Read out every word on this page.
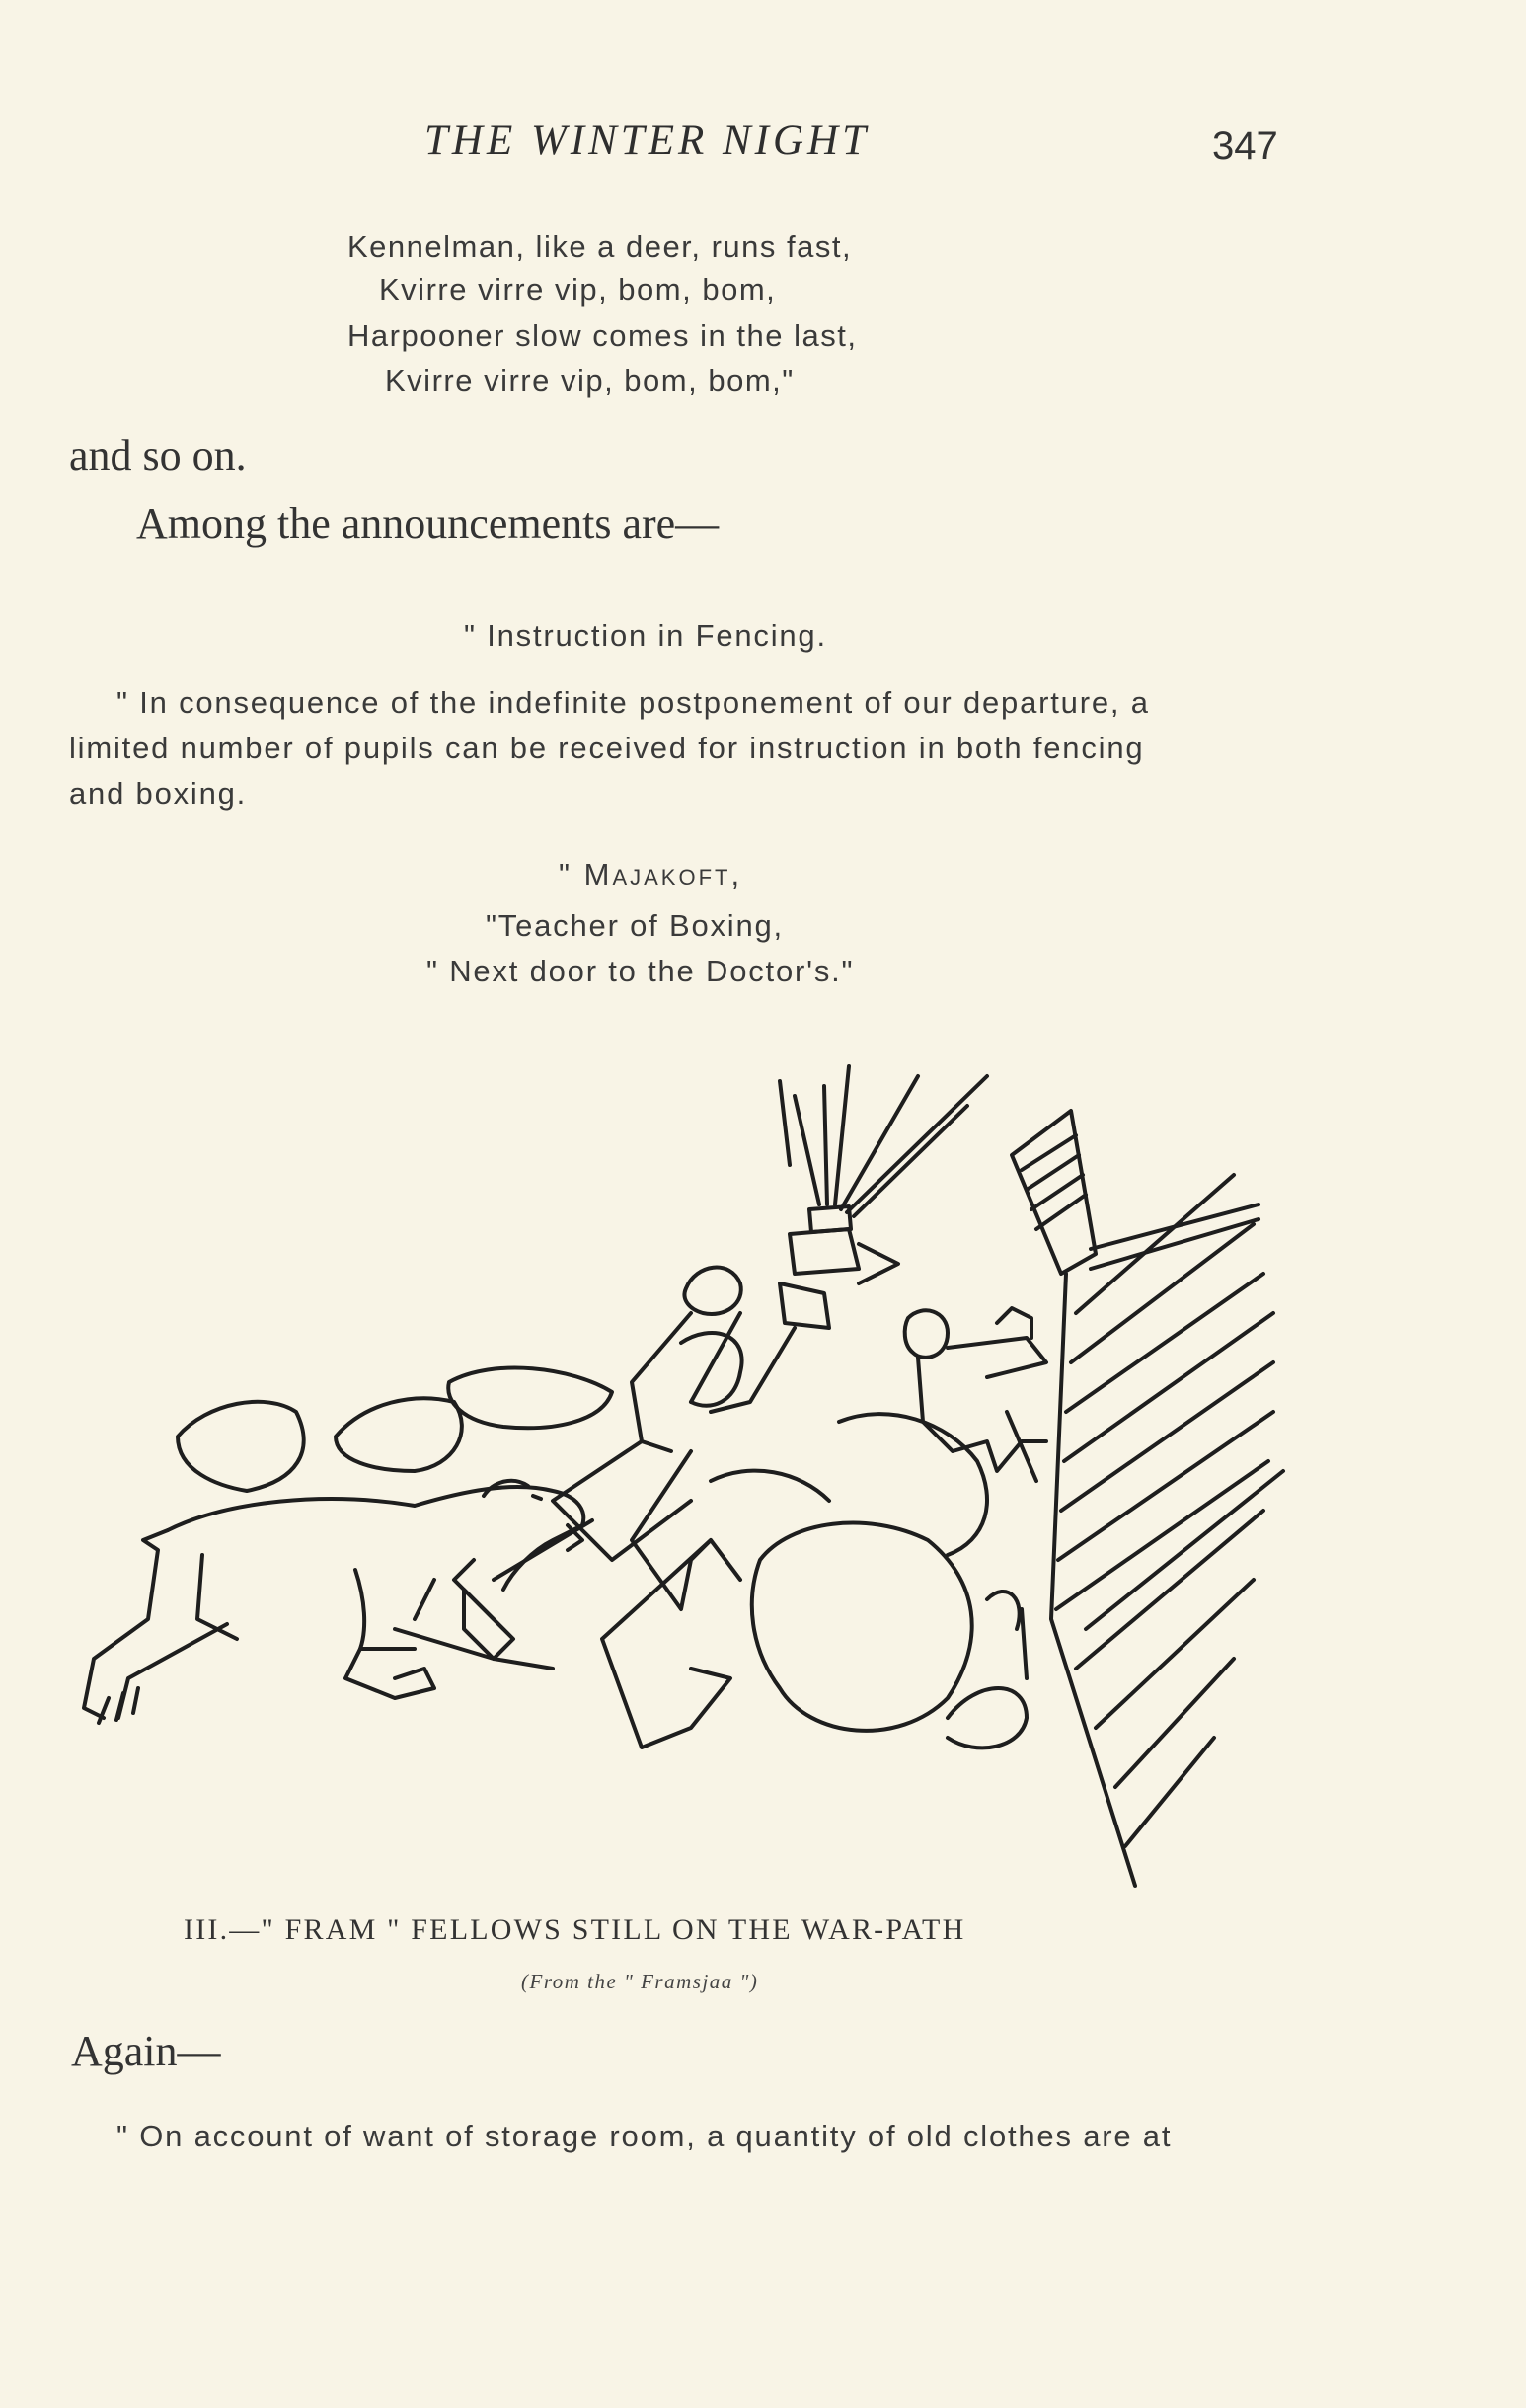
THE WINTER NIGHT	347
Kennelman, like a deer, runs fast,
Kvirre virre vip, bom, bom,
Harpooner slow comes in the last,
Kvirre virre vip, bom, bom,"
and so on.
Among the announcements are—
" Instruction in Fencing.
" In consequence of the indefinite postponement of our departure, a
limited number of pupils can be received for instruction in both fencing
and boxing.
" Majakoft,
"Teacher of Boxing,
" Next door to the Doctor's."
III.—" FRAM " FELLOWS STILL ON THE WAR-PATH
(From the " Framsjaa ")
Again—
" On account of want of storage room, a quantity of old clothes are at
